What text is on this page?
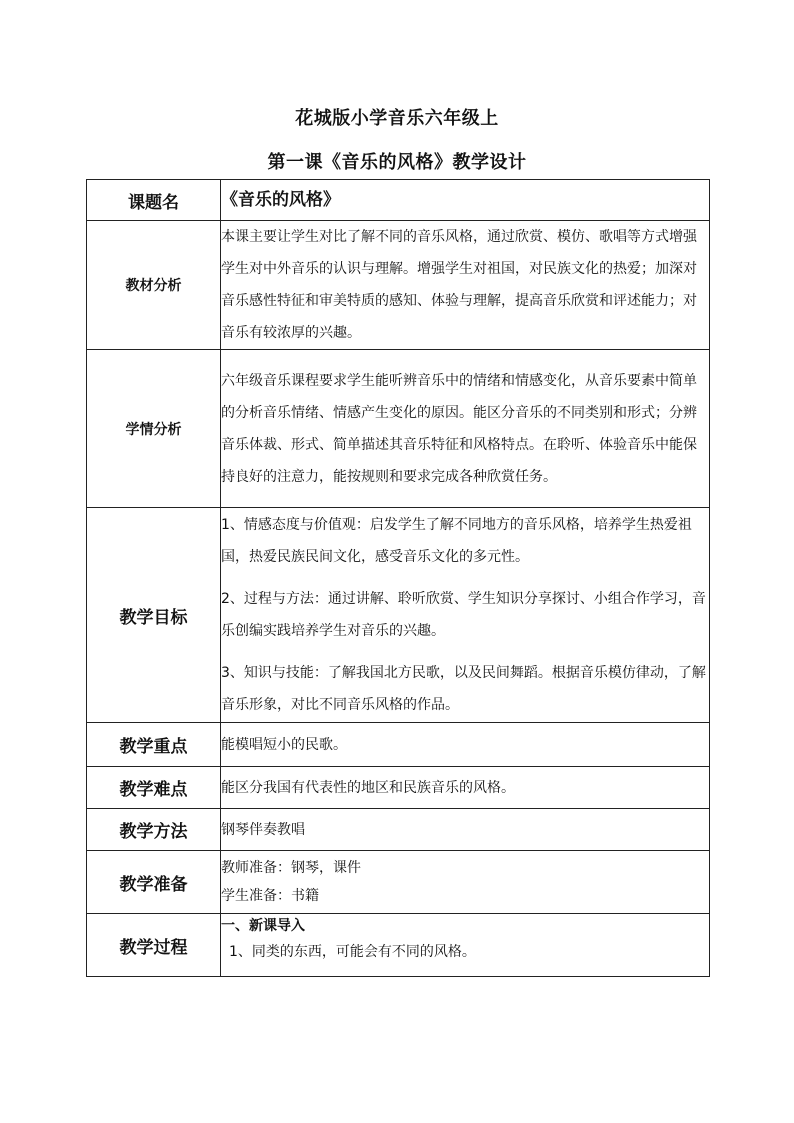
花城版小学音乐六年级上
第一课《音乐的风格》教学设计
课题名	《音乐的风格》
教材分析	本课主要让学生对比了解不同的音乐风格，通过欣赏、模仿、歌唱等方式增强学生对中外音乐的认识与理解。增强学生对祖国，对民族文化的热爱；加深对音乐感性特征和审美特质的感知、体验与理解，提高音乐欣赏和评述能力；对音乐有较浓厚的兴趣。

学情分析	六年级音乐课程要求学生能听辨音乐中的情绪和情感变化，从音乐要素中简单的分析音乐情绪、情感产生变化的原因。能区分音乐的不同类别和形式；分辨音乐体裁、形式、简单描述其音乐特征和风格特点。在聆听、体验音乐中能保持良好的注意力，能按规则和要求完成各种欣赏任务。

教学目标	1、情感态度与价值观：启发学生了解不同地方的音乐风格，培养学生热爱祖国，热爱民族民间文化，感受音乐文化的多元性。

2、过程与方法：通过讲解、聆听欣赏、学生知识分享探讨、小组合作学习，音乐创编实践培养学生对音乐的兴趣。

3、知识与技能：了解我国北方民歌，以及民间舞蹈。根据音乐模仿律动，了解音乐形象，对比不同音乐风格的作品。

教学重点	能模唱短小的民歌。

教学难点	能区分我国有代表性的地区和民族音乐的风格。

教学方法	钢琴伴奏教唱

教学准备	教师准备：钢琴，课件

学生准备：书籍

教学过程	一、新课导入
1、同类的东西，可能会有不同的风格。
